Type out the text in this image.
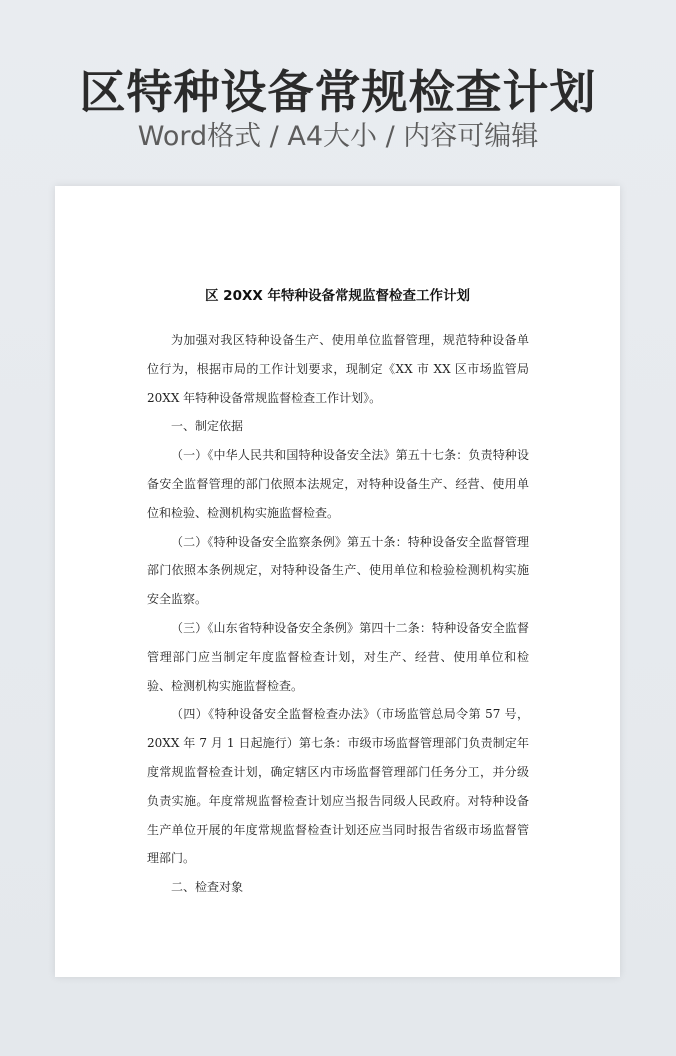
区特种设备常规检查计划
Word格式 / A4大小 / 内容可编辑
区 20XX 年特种设备常规监督检查工作计划

为加强对我区特种设备生产、使用单位监督管理，规范特种设备单位行为，根据市局的工作计划要求，现制定《XX 市 XX 区市场监管局 20XX 年特种设备常规监督检查工作计划》。

一、制定依据

（一）《中华人民共和国特种设备安全法》第五十七条：负责特种设备安全监督管理的部门依照本法规定，对特种设备生产、经营、使用单位和检验、检测机构实施监督检查。

（二）《特种设备安全监察条例》第五十条：特种设备安全监督管理部门依照本条例规定，对特种设备生产、使用单位和检验检测机构实施安全监察。

（三）《山东省特种设备安全条例》第四十二条：特种设备安全监督管理部门应当制定年度监督检查计划，对生产、经营、使用单位和检验、检测机构实施监督检查。

（四）《特种设备安全监督检查办法》（市场监管总局令第 57 号，20XX 年 7 月 1 日起施行）第七条：市级市场监督管理部门负责制定年度常规监督检查计划，确定辖区内市场监督管理部门任务分工，并分级负责实施。年度常规监督检查计划应当报告同级人民政府。对特种设备生产单位开展的年度常规监督检查计划还应当同时报告省级市场监督管理部门。

二、检查对象
